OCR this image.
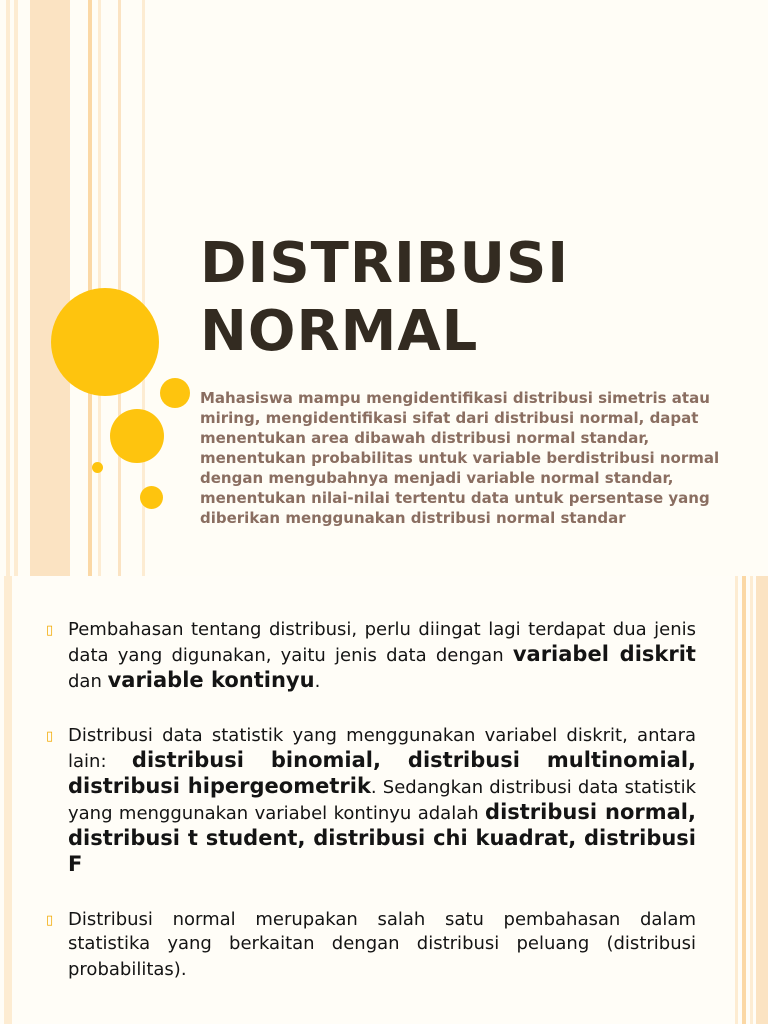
DISTRIBUSI
NORMAL

Mahasiswa mampu mengidentifikasi distribusi simetris atau miring, mengidentifikasi sifat dari distribusi normal, dapat menentukan area dibawah distribusi normal standar, menentukan probabilitas untuk variable berdistribusi normal dengan mengubahnya menjadi variable normal standar, menentukan nilai-nilai tertentu data untuk persentase yang diberikan menggunakan distribusi normal standar

▯ Pembahasan tentang distribusi, perlu diingat lagi terdapat dua jenis data yang digunakan, yaitu jenis data dengan variabel diskrit dan variable kontinyu.
▯ Distribusi data statistik yang menggunakan variabel diskrit, antara lain: distribusi binomial, distribusi multinomial, distribusi hipergeometrik. Sedangkan distribusi data statistik yang menggunakan variabel kontinyu adalah distribusi normal, distribusi t student, distribusi chi kuadrat, distribusi F
▯ Distribusi normal merupakan salah satu pembahasan dalam statistika yang berkaitan dengan distribusi peluang (distribusi probabilitas).
